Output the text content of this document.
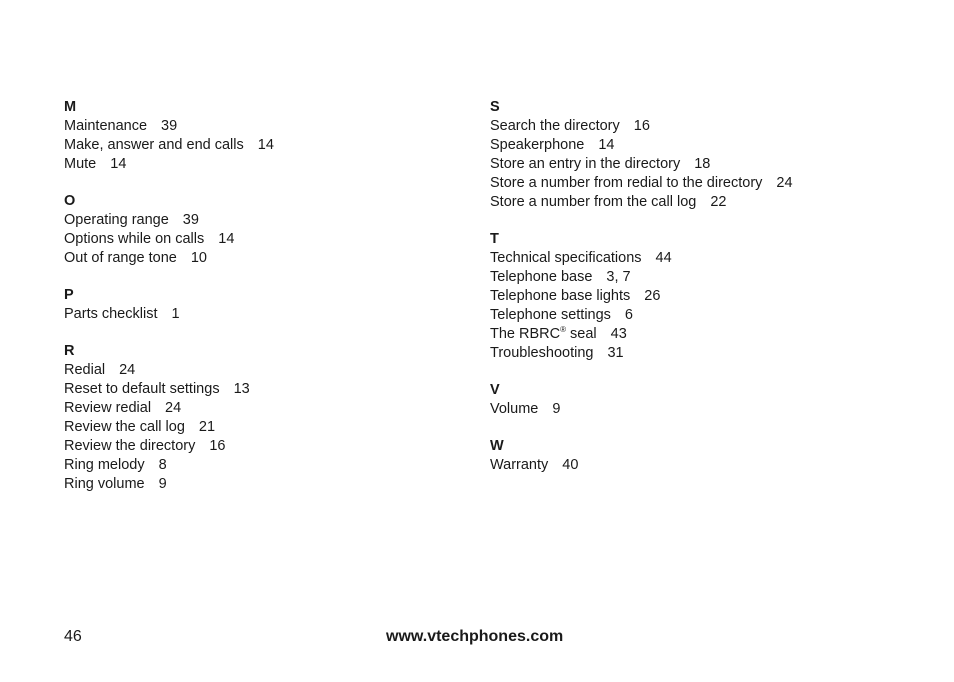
M
Maintenance 39
Make, answer and end calls 14
Mute 14
O
Operating range 39
Options while on calls 14
Out of range tone 10
P
Parts checklist 1
R
Redial 24
Reset to default settings 13
Review redial 24
Review the call log 21
Review the directory 16
Ring melody 8
Ring volume 9
S
Search the directory 16
Speakerphone 14
Store an entry in the directory 18
Store a number from redial to the directory 24
Store a number from the call log 22
T
Technical specifications 44
Telephone base 3, 7
Telephone base lights 26
Telephone settings 6
The RBRC® seal 43
Troubleshooting 31
V
Volume 9
W
Warranty 40
46	www.vtechphones.com
